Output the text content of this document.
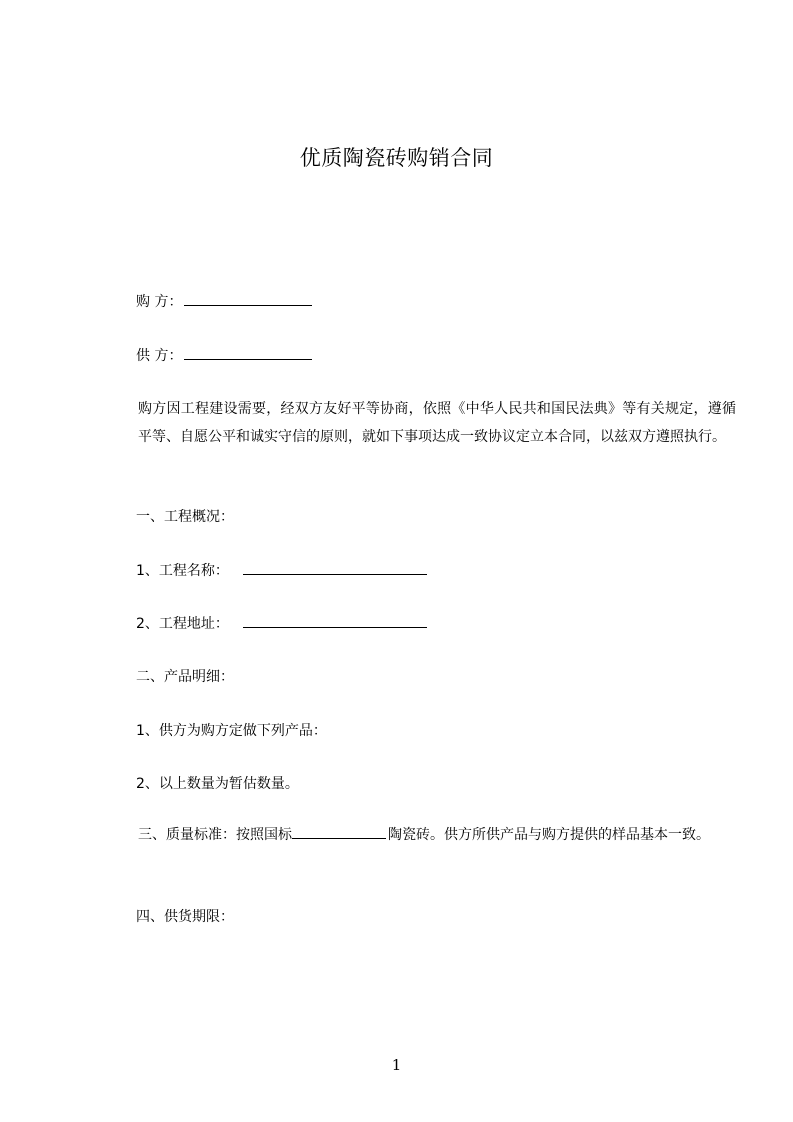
优质陶瓷砖购销合同
购 方：
供 方：
购方因工程建设需要，经双方友好平等协商，依照《中华人民共和国民法典》等有关规定，遵循平等、自愿公平和诚实守信的原则，就如下事项达成一致协议定立本合同，以兹双方遵照执行。
一、工程概况：
1、工程名称：
2、工程地址：
二、产品明细：
1、供方为购方定做下列产品：
2、以上数量为暂估数量。
三、质量标准：按照国标	陶瓷砖。供方所供产品与购方提供的样品基本一致。
四、供货期限：
1
